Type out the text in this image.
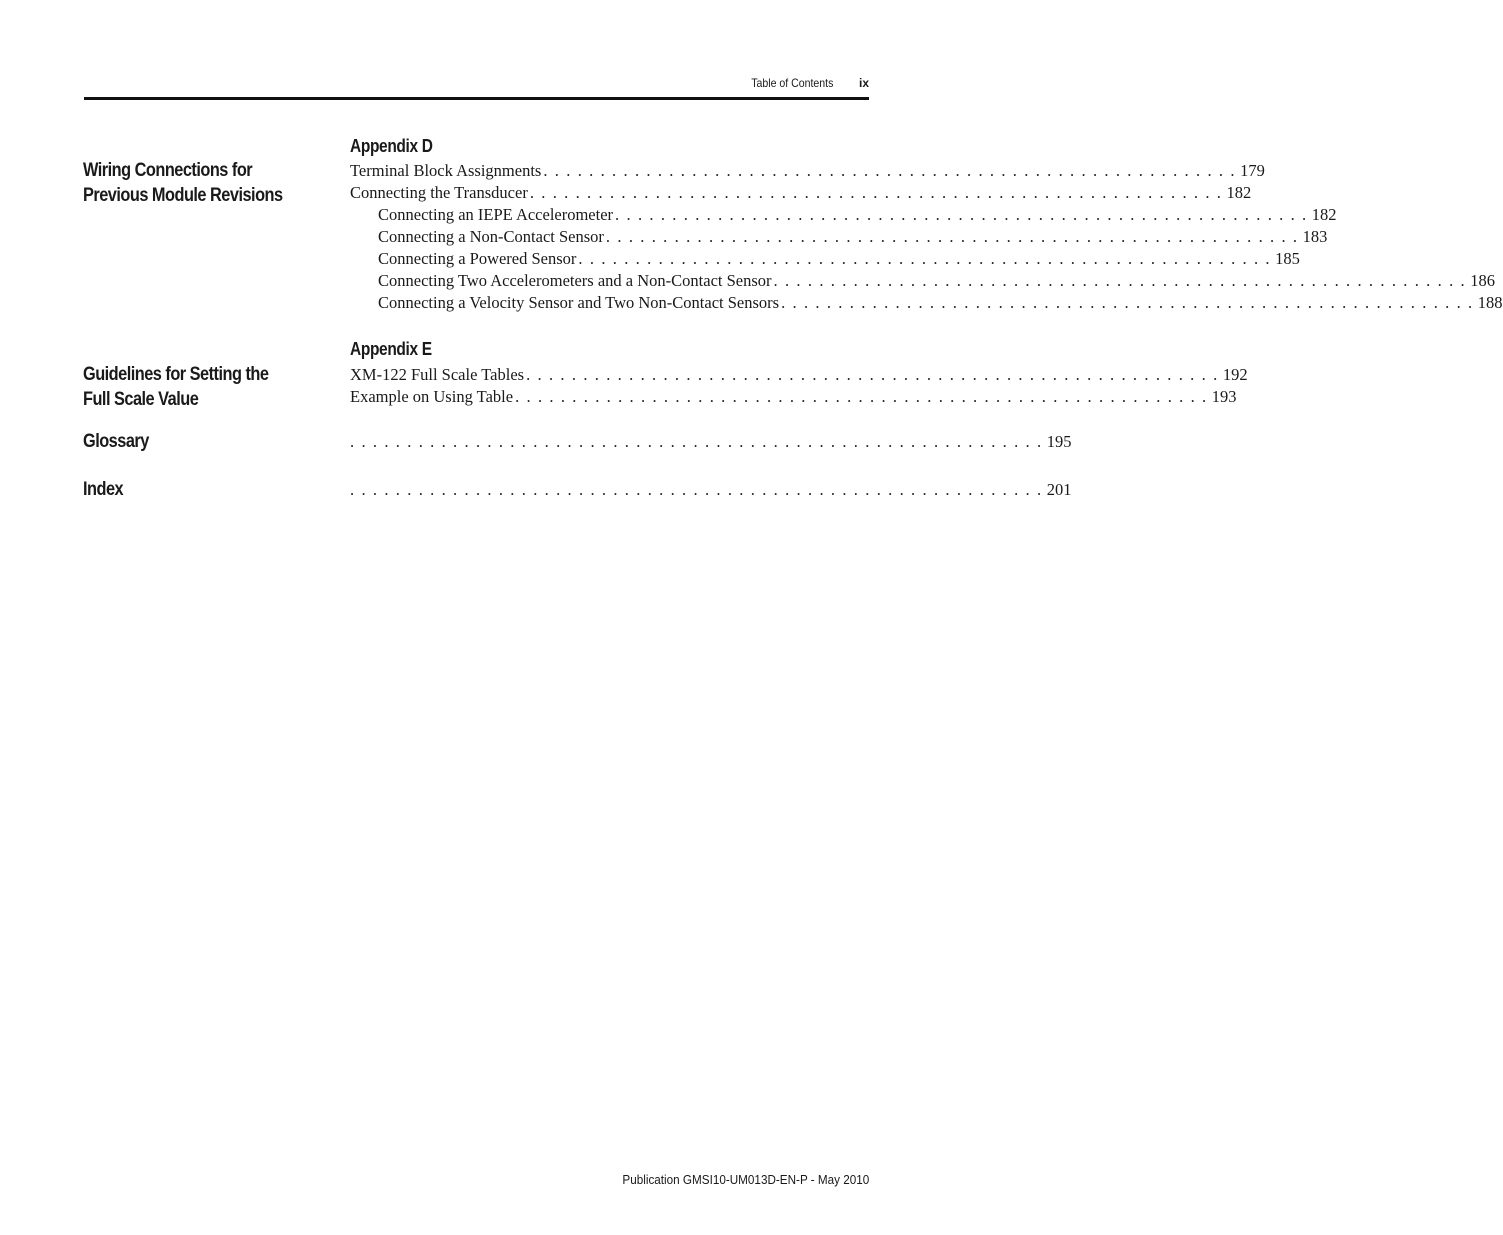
Table of Contents ix
Appendix D
Wiring Connections for Previous Module Revisions
Terminal Block Assignments . . . . . . . . . . . . . . . . . . . . . . . . . . . . . . . . . . . . . . . . . . . . . . . . . . . . . . . . . . . . . 179
Connecting the Transducer . . . . . . . . . . . . . . . . . . . . . . . . . . . . . . . . . . . . . . . . . . . . . . . . . . . . . . . . . . . . . 182
Connecting an IEPE Accelerometer . . . . . . . . . . . . . . . . . . . . . . . . . . . . . . . . . . . . . . . . . . . . . . . . . . . . . . . . . . . . . 182
Connecting a Non-Contact Sensor . . . . . . . . . . . . . . . . . . . . . . . . . . . . . . . . . . . . . . . . . . . . . . . . . . . . . . . . . . . . . 183
Connecting a Powered Sensor . . . . . . . . . . . . . . . . . . . . . . . . . . . . . . . . . . . . . . . . . . . . . . . . . . . . . . . . . . . . . 185
Connecting Two Accelerometers and a Non-Contact Sensor . . . . . . . . . . . . . . . . . . . . . . . . . . . . . . . . . . . . . . . . . . . . . . . . . . . . . . . . . . . . . 186
Connecting a Velocity Sensor and Two Non-Contact Sensors . . . . . . . . . . . . . . . . . . . . . . . . . . . . . . . . . . . . . . . . . . . . . . . . . . . . . . . . . . . . . 188
Appendix E
Guidelines for Setting the Full Scale Value
XM-122 Full Scale Tables . . . . . . . . . . . . . . . . . . . . . . . . . . . . . . . . . . . . . . . . . . . . . . . . . . . . . . . . . . . . . 192
Example on Using Table . . . . . . . . . . . . . . . . . . . . . . . . . . . . . . . . . . . . . . . . . . . . . . . . . . . . . . . . . . . . . 193
Glossary	. . . . . . . . . . . . . . . . . . . . . . . . . . . . . . . . . . . . . . . . . . . . . . . . . . . . . . . . . . . . . 195
Index	. . . . . . . . . . . . . . . . . . . . . . . . . . . . . . . . . . . . . . . . . . . . . . . . . . . . . . . . . . . . . 201
Publication GMSI10-UM013D-EN-P - May 2010
